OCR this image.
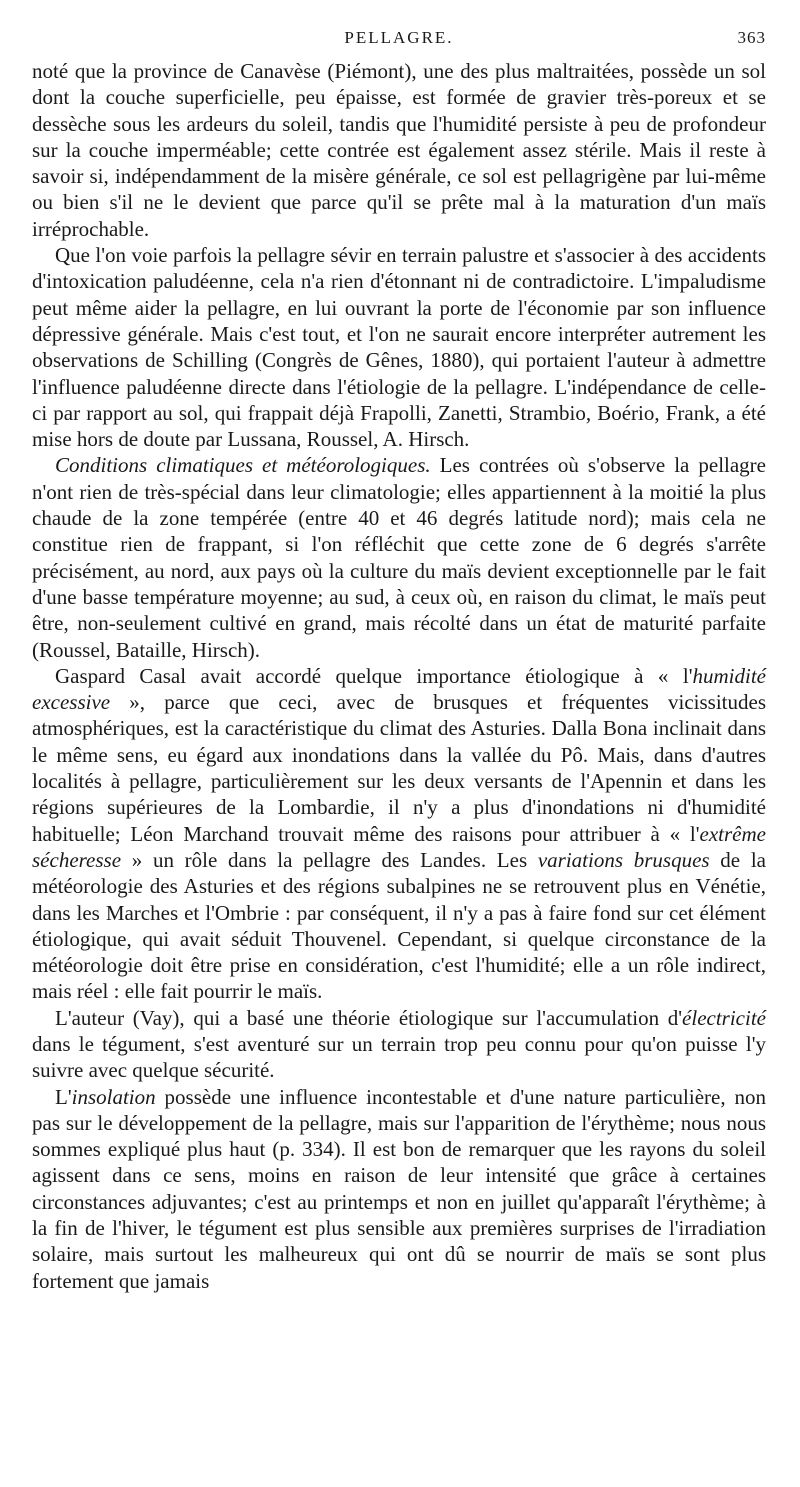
PELLAGRE.	363

noté que la province de Canavèse (Piémont), une des plus maltraitées, possède un sol dont la couche superficielle, peu épaisse, est formée de gravier très-poreux et se dessèche sous les ardeurs du soleil, tandis que l'humidité persiste à peu de profondeur sur la couche imperméable; cette contrée est également assez stérile. Mais il reste à savoir si, indépendamment de la misère générale, ce sol est pellagrigène par lui-même ou bien s'il ne le devient que parce qu'il se prête mal à la maturation d'un maïs irréprochable.

Que l'on voie parfois la pellagre sévir en terrain palustre et s'associer à des accidents d'intoxication paludéenne, cela n'a rien d'étonnant ni de contradictoire. L'impaludisme peut même aider la pellagre, en lui ouvrant la porte de l'économie par son influence dépressive générale. Mais c'est tout, et l'on ne saurait encore interpréter autrement les observations de Schilling (Congrès de Gênes, 1880), qui portaient l'auteur à admettre l'influence paludéenne directe dans l'étiologie de la pellagre. L'indépendance de celle-ci par rapport au sol, qui frappait déjà Frapolli, Zanetti, Strambio, Boério, Frank, a été mise hors de doute par Lussana, Roussel, A. Hirsch.

Conditions climatiques et météorologiques. Les contrées où s'observe la pellagre n'ont rien de très-spécial dans leur climatologie; elles appartiennent à la moitié la plus chaude de la zone tempérée (entre 40 et 46 degrés latitude nord); mais cela ne constitue rien de frappant, si l'on réfléchit que cette zone de 6 degrés s'arrête précisément, au nord, aux pays où la culture du maïs devient exceptionnelle par le fait d'une basse température moyenne; au sud, à ceux où, en raison du climat, le maïs peut être, non-seulement cultivé en grand, mais récolté dans un état de maturité parfaite (Roussel, Bataille, Hirsch).

Gaspard Casal avait accordé quelque importance étiologique à « l'humidité excessive », parce que ceci, avec de brusques et fréquentes vicissitudes atmosphériques, est la caractéristique du climat des Asturies. Dalla Bona inclinait dans le même sens, eu égard aux inondations dans la vallée du Pô. Mais, dans d'autres localités à pellagre, particulièrement sur les deux versants de l'Apennin et dans les régions supérieures de la Lombardie, il n'y a plus d'inondations ni d'humidité habituelle; Léon Marchand trouvait même des raisons pour attribuer à « l'extrême sécheresse » un rôle dans la pellagre des Landes. Les variations brusques de la météorologie des Asturies et des régions subalpines ne se retrouvent plus en Vénétie, dans les Marches et l'Ombrie : par conséquent, il n'y a pas à faire fond sur cet élément étiologique, qui avait séduit Thouvenel. Cependant, si quelque circonstance de la météorologie doit être prise en considération, c'est l'humidité; elle a un rôle indirect, mais réel : elle fait pourrir le maïs.

L'auteur (Vay), qui a basé une théorie étiologique sur l'accumulation d'électricité dans le tégument, s'est aventuré sur un terrain trop peu connu pour qu'on puisse l'y suivre avec quelque sécurité.

L'insolation possède une influence incontestable et d'une nature particulière, non pas sur le développement de la pellagre, mais sur l'apparition de l'érythème; nous nous sommes expliqué plus haut (p. 334). Il est bon de remarquer que les rayons du soleil agissent dans ce sens, moins en raison de leur intensité que grâce à certaines circonstances adjuvantes; c'est au printemps et non en juillet qu'apparaît l'érythème; à la fin de l'hiver, le tégument est plus sensible aux premières surprises de l'irradiation solaire, mais surtout les malheureux qui ont dû se nourrir de maïs se sont plus fortement que jamais
